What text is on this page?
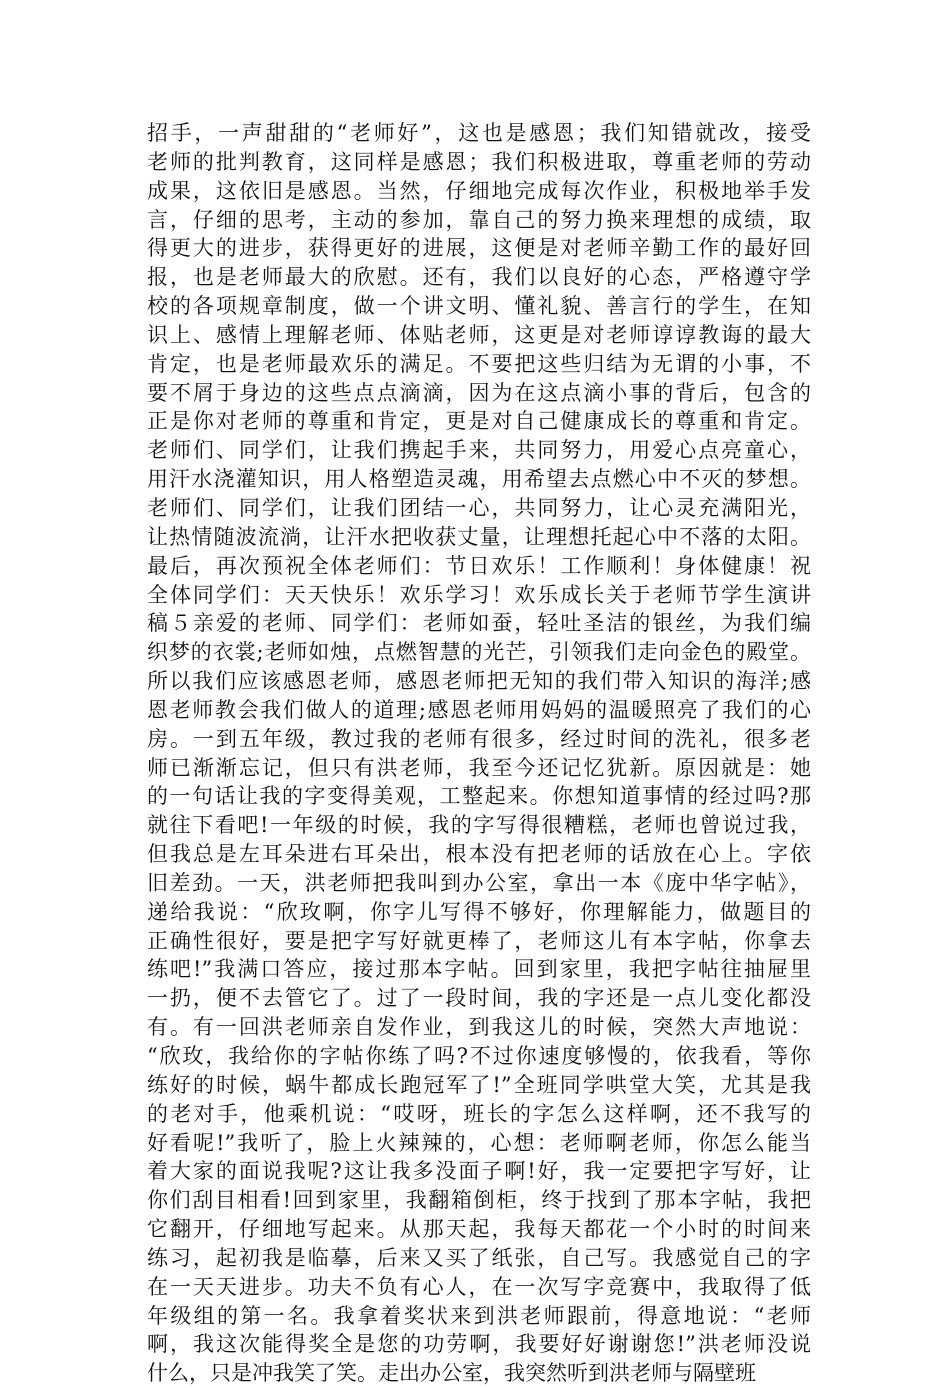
招手，一声甜甜的“老师好”，这也是感恩；我们知错就改，接受
老师的批判教育，这同样是感恩；我们积极进取，尊重老师的劳动
成果，这依旧是感恩。当然，仔细地完成每次作业，积极地举手发
言，仔细的思考，主动的参加，靠自己的努力换来理想的成绩，取
得更大的进步，获得更好的进展，这便是对老师辛勤工作的最好回
报，也是老师最大的欣慰。还有，我们以良好的心态，严格遵守学
校的各项规章制度，做一个讲文明、懂礼貌、善言行的学生，在知
识上、感情上理解老师、体贴老师，这更是对老师谆谆教诲的最大
肯定，也是老师最欢乐的满足。不要把这些归结为无谓的小事，不
要不屑于身边的这些点点滴滴，因为在这点滴小事的背后，包含的
正是你对老师的尊重和肯定，更是对自己健康成长的尊重和肯定。
老师们、同学们，让我们携起手来，共同努力，用爱心点亮童心，
用汗水浇灌知识，用人格塑造灵魂，用希望去点燃心中不灭的梦想。
老师们、同学们，让我们团结一心，共同努力，让心灵充满阳光，
让热情随波流淌，让汗水把收获丈量，让理想托起心中不落的太阳。
最后，再次预祝全体老师们：节日欢乐！工作顺利！身体健康！祝
全体同学们：天天快乐！欢乐学习！欢乐成长关于老师节学生演讲
稿５亲爱的老师、同学们：老师如蚕，轻吐圣洁的银丝，为我们编
织梦的衣裳;老师如烛，点燃智慧的光芒，引领我们走向金色的殿堂。
所以我们应该感恩老师，感恩老师把无知的我们带入知识的海洋;感
恩老师教会我们做人的道理;感恩老师用妈妈的温暖照亮了我们的心
房。一到五年级，教过我的老师有很多，经过时间的洗礼，很多老
师已渐渐忘记，但只有洪老师，我至今还记忆犹新。原因就是：她
的一句话让我的字变得美观，工整起来。你想知道事情的经过吗?那
就往下看吧!一年级的时候，我的字写得很糟糕，老师也曾说过我，
但我总是左耳朵进右耳朵出，根本没有把老师的话放在心上。字依
旧差劲。一天，洪老师把我叫到办公室，拿出一本《庞中华字帖》，
递给我说：“欣玫啊，你字儿写得不够好，你理解能力，做题目的
正确性很好，要是把字写好就更棒了，老师这儿有本字帖，你拿去
练吧!”我满口答应，接过那本字帖。回到家里，我把字帖往抽屉里
一扔，便不去管它了。过了一段时间，我的字还是一点儿变化都没
有。有一回洪老师亲自发作业，到我这儿的时候，突然大声地说：
“欣玫，我给你的字帖你练了吗?不过你速度够慢的，依我看，等你
练好的时候，蜗牛都成长跑冠军了!”全班同学哄堂大笑，尤其是我
的老对手，他乘机说：“哎呀，班长的字怎么这样啊，还不我写的
好看呢!”我听了，脸上火辣辣的，心想：老师啊老师，你怎么能当
着大家的面说我呢?这让我多没面子啊!好，我一定要把字写好，让
你们刮目相看!回到家里，我翻箱倒柜，终于找到了那本字帖，我把
它翻开，仔细地写起来。从那天起，我每天都花一个小时的时间来
练习，起初我是临摹，后来又买了纸张，自己写。我感觉自己的字
在一天天进步。功夫不负有心人，在一次写字竞赛中，我取得了低
年级组的第一名。我拿着奖状来到洪老师跟前，得意地说：“老师
啊，我这次能得奖全是您的功劳啊，我要好好谢谢您!”洪老师没说
什么，只是冲我笑了笑。走出办公室，我突然听到洪老师与隔壁班
